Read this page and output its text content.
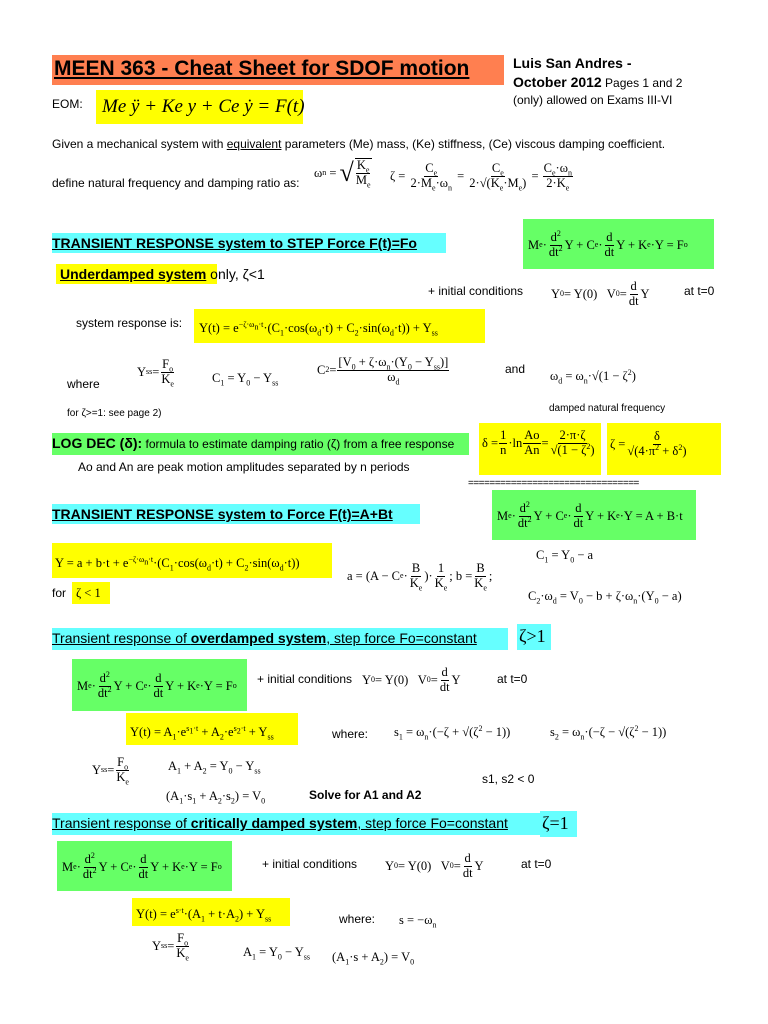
MEEN 363 - Cheat Sheet for SDOF motion	Luis San Andres -
October 2012 Pages 1 and 2
(only) allowed on Exams III-VI
EOM: Me ÿ + Ke y + Ce ẏ = F(t)
Given a mechanical system with equivalent parameters (Me) mass, (Ke) stiffness, (Ce) viscous damping coefficient.
define natural frequency and damping ratio as:
ω n = √ $\frac{K_e}{M_e}$ $\zeta = \frac{C_e}{2\cdot M_e\cdot\omega_n} = \frac{C_e}{2\cdot√(K_e\cdot M_e)} = \frac{C_e\cdot\omega_n}{2\cdot K_e}$
TRANSIENT RESPONSE system to STEP Force F(t)=Fo	M $e \cdot \frac{d^2}{dt^2}$ Y + C $e \cdot \frac{d}{dt}$ Y + K e ·Y = F o
Underdamped system only, ζ<1
+ initial conditions Y 0 = Y(0)   V $0 = \frac{d}{dt}$ Y	at t=0
system response is: $Y(t) = e^{-\zeta\cdot\omega_n\cdot t}\cdot(C_1\cdot\cos(\omega_d\cdot t) + C_2\cdot\sin(\omega_d\cdot t)) + Y_{ss}$
where
Y ss = $\frac{F_o}{K_e}$	$C_1 = Y_0 - Y_{ss}$
C $2 = \frac{[V_0 + \zeta\cdot\omega_n\cdot(Y_0 - Y_{ss})]}{\omega_d}$	and $\omega_d = \omega_n\cdot√(1 - \zeta^2)$
for ζ>=1: see page 2)	damped natural frequency
LOG DEC (δ): formula to estimate damping ratio (ζ) from a free response $\delta = \frac{1}{n} \cdot\ln \frac{Ao}{An} = \frac{2\cdot\pi\cdot\zeta}{√(1 - \zeta^2)}$ $\zeta = \frac{\delta}{√(4\cdot\pi^2 + \delta^2)}$
Ao and An are peak motion amplitudes separated by n periods
================================
TRANSIENT RESPONSE system to Force F(t)=A+Bt	M $e \cdot \frac{d^2}{dt^2}$ Y + C $e \cdot \frac{d}{dt}$ Y + K e ·Y = A + B·t
$Y = a + b\cdot t + e^{-\zeta\cdot\omega_n\cdot t}\cdot(C_1\cdot\cos(\omega_d\cdot t) + C_2\cdot\sin(\omega_d\cdot t))$
$C_1 = Y_0 - a$
a = (A − C $e \cdot \frac{B}{K_e}$ )· $\frac{1}{K_e}$ ; $b = \frac{B}{K_e}$ ;
$C_2\cdot\omega_d = V_0 - b + \zeta\cdot\omega_n\cdot(Y_0 - a)$
for ζ < 1
Transient response of overdamped system, step force Fo=constant ζ>1
M $e \cdot \frac{d^2}{dt^2}$ Y + C $e \cdot \frac{d}{dt}$ Y + K e ·Y = F o + initial conditions Y 0 = Y(0)   V $0 = \frac{d}{dt}$ Y	at t=0
$Y(t) = A_1\cdot e^{s_1\cdot t} + A_2\cdot e^{s_2\cdot t} + Y_{ss}$	where: $s_1 = \omega_n\cdot(-\zeta + √(\zeta^2 - 1))$	$s_2 = \omega_n\cdot(-\zeta - √(\zeta^2 - 1))$
Y ss = $\frac{F_o}{K_e}$	$A_1 + A_2 = Y_0 - Y_{ss}$
s1, s2 < 0
$(A_1\cdot s_1 + A_2\cdot s_2) = V_0$	Solve for A1 and A2
Transient response of critically damped system, step force Fo=constant ζ=1
M $e \cdot \frac{d^2}{dt^2}$ Y + C $e \cdot \frac{d}{dt}$ Y + K e ·Y = F o	+ initial conditions Y 0 = Y(0)   V $0 = \frac{d}{dt}$ Y	at t=0
$Y(t) = e^{s\cdot t}\cdot(A_1 + t\cdot A_2) + Y_{ss}$	where: $s = -\omega_n$
Y ss = $\frac{F_o}{K_e}$	$A_1 = Y_0 - Y_{ss}$ $(A_1\cdot s + A_2) = V_0$
